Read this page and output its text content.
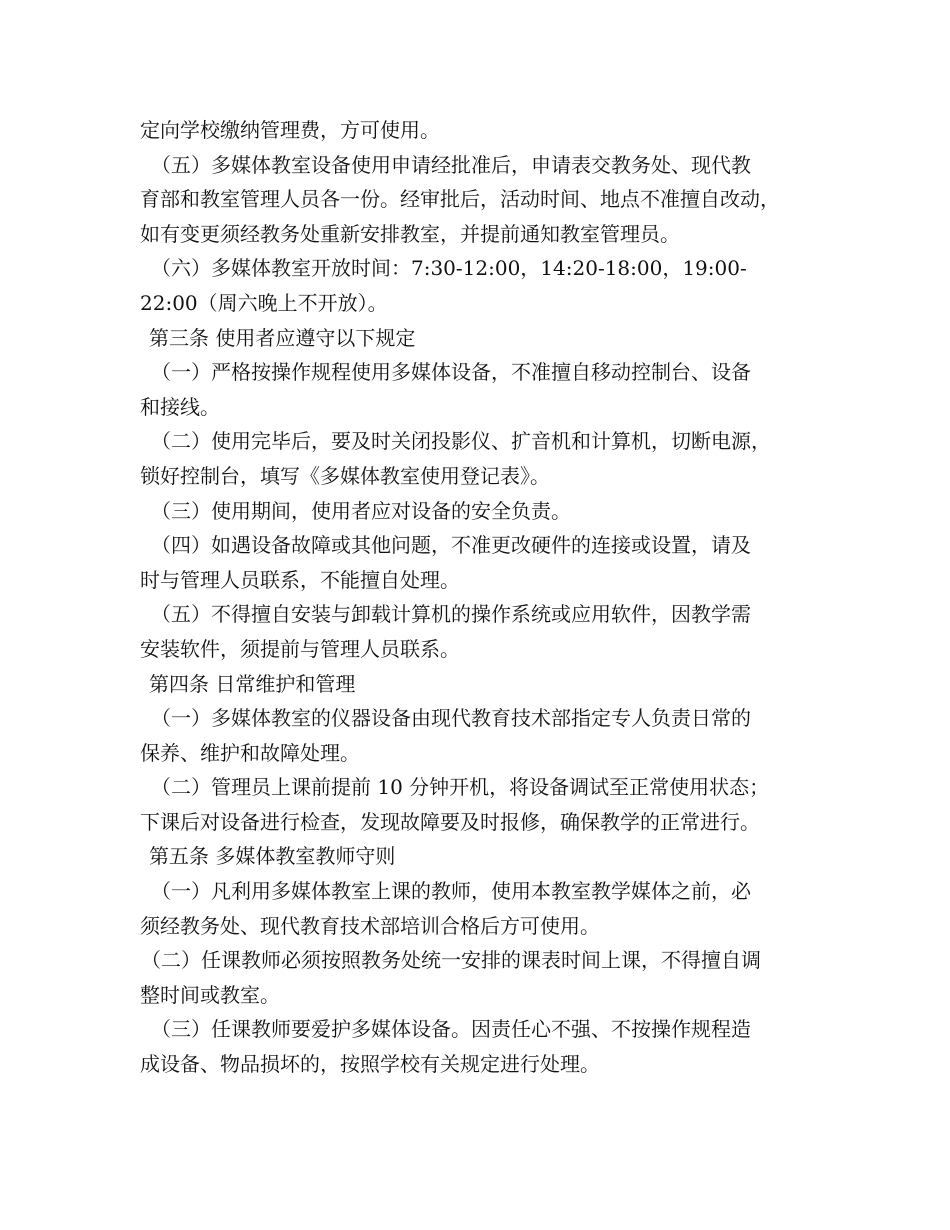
定向学校缴纳管理费，方可使用。
（五）多媒体教室设备使用申请经批准后，申请表交教务处、现代教
育部和教室管理人员各一份。经审批后，活动时间、地点不准擅自改动，
如有变更须经教务处重新安排教室，并提前通知教室管理员。
（六）多媒体教室开放时间：7:30-12:00，14:20-18:00，19:00-
22:00（周六晚上不开放）。
第三条 使用者应遵守以下规定
（一）严格按操作规程使用多媒体设备，不准擅自移动控制台、设备
和接线。
（二）使用完毕后，要及时关闭投影仪、扩音机和计算机，切断电源，
锁好控制台，填写《多媒体教室使用登记表》。
（三）使用期间，使用者应对设备的安全负责。
（四）如遇设备故障或其他问题，不准更改硬件的连接或设置，请及
时与管理人员联系，不能擅自处理。
（五）不得擅自安装与卸载计算机的操作系统或应用软件，因教学需
安装软件，须提前与管理人员联系。
第四条 日常维护和管理
（一）多媒体教室的仪器设备由现代教育技术部指定专人负责日常的
保养、维护和故障处理。
（二）管理员上课前提前 10 分钟开机，将设备调试至正常使用状态；
下课后对设备进行检查，发现故障要及时报修，确保教学的正常进行。
第五条 多媒体教室教师守则
（一）凡利用多媒体教室上课的教师，使用本教室教学媒体之前，必
须经教务处、现代教育技术部培训合格后方可使用。
（二）任课教师必须按照教务处统一安排的课表时间上课，不得擅自调
整时间或教室。
（三）任课教师要爱护多媒体设备。因责任心不强、不按操作规程造
成设备、物品损坏的，按照学校有关规定进行处理。
